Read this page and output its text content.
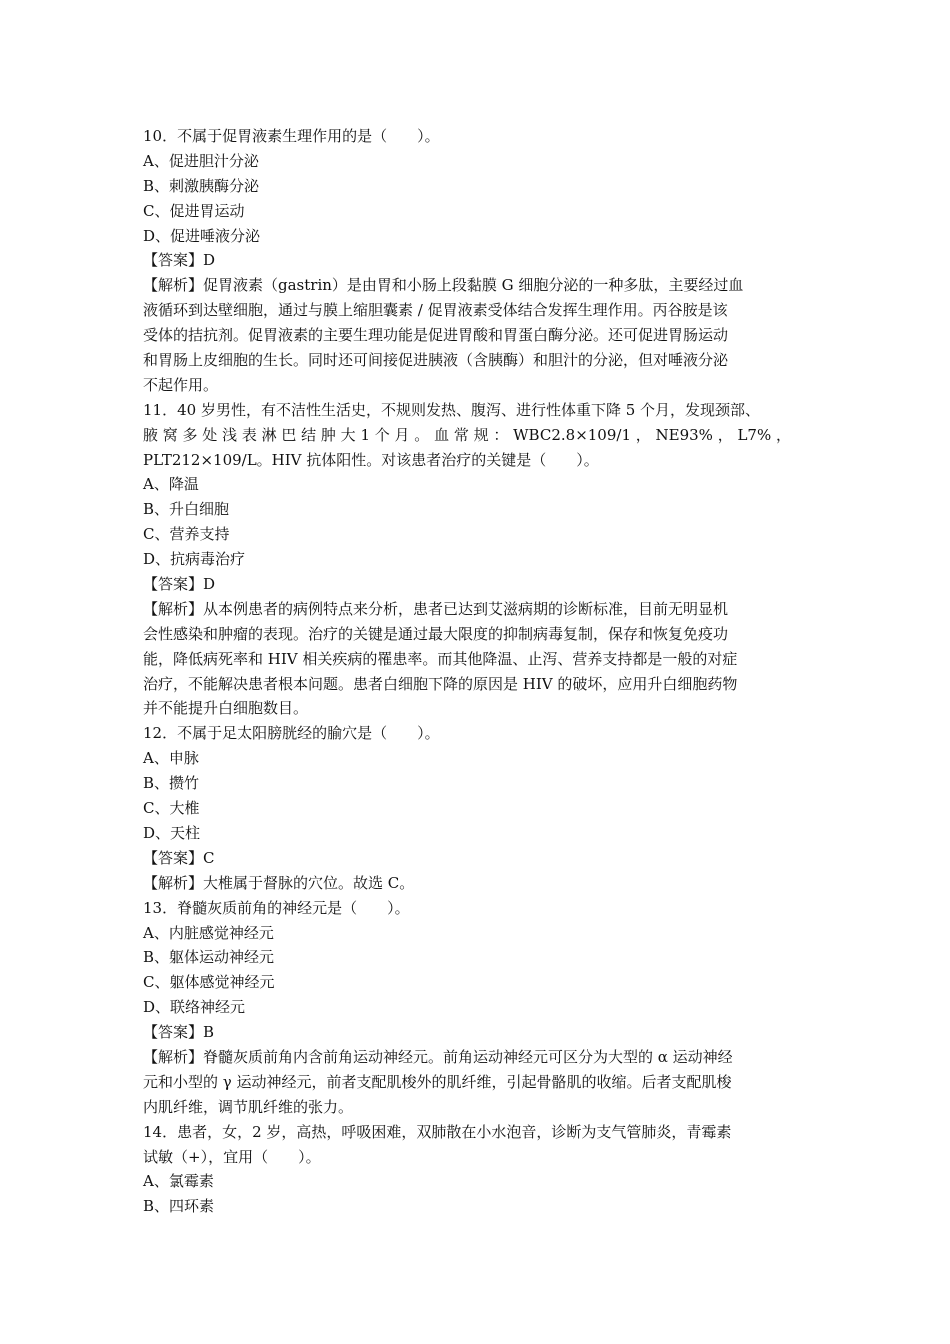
10．不属于促胃液素生理作用的是（　　）。
A、促进胆汁分泌
B、刺激胰酶分泌
C、促进胃运动
D、促进唾液分泌
【答案】D
【解析】促胃液素（gastrin）是由胃和小肠上段黏膜 G 细胞分泌的一种多肽，主要经过血
液循环到达壁细胞，通过与膜上缩胆囊素 / 促胃液素受体结合发挥生理作用。丙谷胺是该
受体的拮抗剂。促胃液素的主要生理功能是促进胃酸和胃蛋白酶分泌。还可促进胃肠运动
和胃肠上皮细胞的生长。同时还可间接促进胰液（含胰酶）和胆汁的分泌，但对唾液分泌
不起作用。
11．40 岁男性，有不洁性生活史，不规则发热、腹泻、进行性体重下降 5 个月，发现颈部、
腋 窝 多 处 浅 表 淋 巴 结 肿 大 1 个 月 。 血 常 规 ： WBC2.8×109/1 ， NE93% ， L7% ，
PLT212×109/L。HIV 抗体阳性。对该患者治疗的关键是（　　）。
A、降温
B、升白细胞
C、营养支持
D、抗病毒治疗
【答案】D
【解析】从本例患者的病例特点来分析，患者已达到艾滋病期的诊断标准，目前无明显机
会性感染和肿瘤的表现。治疗的关键是通过最大限度的抑制病毒复制，保存和恢复免疫功
能，降低病死率和 HIV 相关疾病的罹患率。而其他降温、止泻、营养支持都是一般的对症
治疗，不能解决患者根本问题。患者白细胞下降的原因是 HIV 的破坏，应用升白细胞药物
并不能提升白细胞数目。
12．不属于足太阳膀胱经的腧穴是（　　）。
A、申脉
B、攒竹
C、大椎
D、天柱
【答案】C
【解析】大椎属于督脉的穴位。故选 C。
13．脊髓灰质前角的神经元是（　　）。
A、内脏感觉神经元
B、躯体运动神经元
C、躯体感觉神经元
D、联络神经元
【答案】B
【解析】脊髓灰质前角内含前角运动神经元。前角运动神经元可区分为大型的 α 运动神经
元和小型的 γ 运动神经元，前者支配肌梭外的肌纤维，引起骨骼肌的收缩。后者支配肌梭
内肌纤维，调节肌纤维的张力。
14．患者，女，2 岁，高热，呼吸困难，双肺散在小水泡音，诊断为支气管肺炎，青霉素
试敏（+），宜用（　　）。
A、氯霉素
B、四环素
